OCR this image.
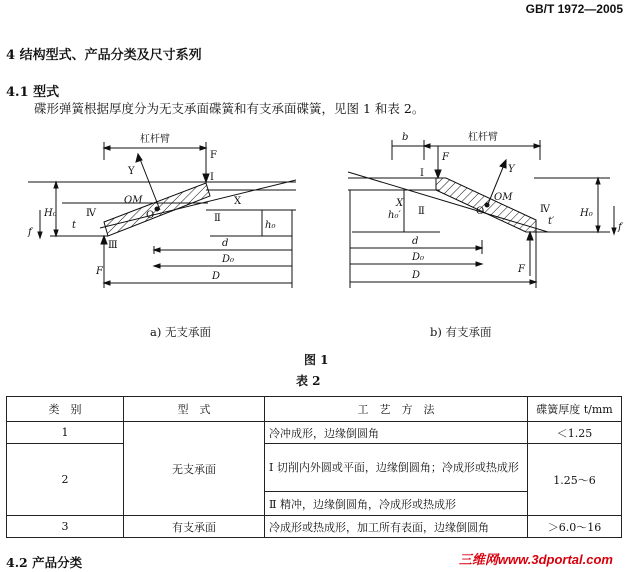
GB/T 1972—2005
4 结构型式、产品分类及尺寸系列
4.1 型式
碟形弹簧根据厚度分为无支承面碟簧和有支承面碟簧，见图 1 和表 2。
杠杆臂
F
Ⅰ
Ⅱ
Ⅲ
Ⅳ
Y
X
OM
O
H₀
f
t	h₀
F
d
D₀
D
a) 无支承面
b	杠杆臂
F
Ⅰ
Ⅱ	Ⅳ
Y
X
OM
O	H₀
f
t′
h₀′
F
d
D₀
D
b) 有支承面
图 1
表 2
类　别	型　式	工　艺　方　法	碟簧厚度 t/mm
1	无支承面	冷冲成形，边缘倒圆角	＜1.25
2		Ⅰ 切削内外圆或平面，边缘倒圆角；冷成形或热成形	1.25～6
		Ⅱ 精冲，边缘倒圆角，冷成形或热成形	
3	有支承面	冷成形或热成形，加工所有表面，边缘倒圆角	＞6.0～16
4.2 产品分类	三维网www.3dportal.com
